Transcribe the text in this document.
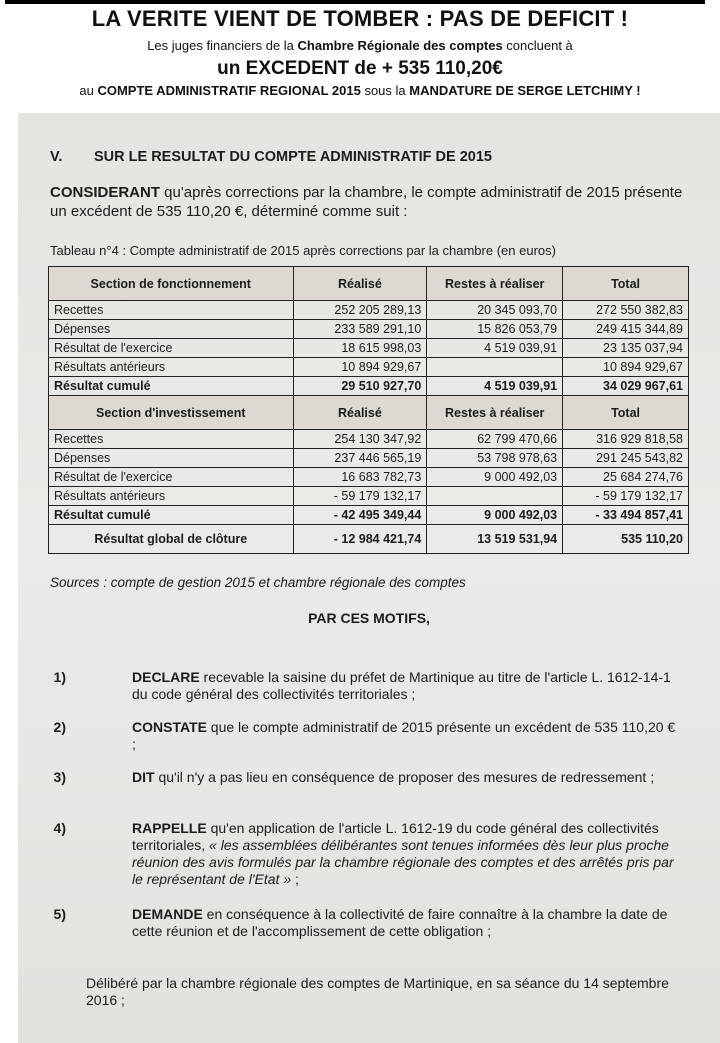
LA VERITE VIENT DE TOMBER : PAS DE DEFICIT !
Les juges financiers de la Chambre Régionale des comptes concluent à
un EXCEDENT de + 535 110,20€
au COMPTE ADMINISTRATIF REGIONAL 2015 sous la MANDATURE DE SERGE LETCHIMY !
V. SUR LE RESULTAT DU COMPTE ADMINISTRATIF DE 2015
CONSIDERANT qu'après corrections par la chambre, le compte administratif de 2015 présente un excédent de 535 110,20 €, déterminé comme suit :
Tableau n°4 : Compte administratif de 2015 après corrections par la chambre (en euros)
Section de fonctionnement	Réalisé	Restes à réaliser	Total
Recettes	252 205 289,13	20 345 093,70	272 550 382,83
Dépenses	233 589 291,10	15 826 053,79	249 415 344,89
Résultat de l'exercice	18 615 998,03	4 519 039,91	23 135 037,94
Résultats antérieurs	10 894 929,67		10 894 929,67
Résultat cumulé	29 510 927,70	4 519 039,91	34 029 967,61
Section d'investissement	Réalisé	Restes à réaliser	Total
Recettes	254 130 347,92	62 799 470,66	316 929 818,58
Dépenses	237 446 565,19	53 798 978,63	291 245 543,82
Résultat de l'exercice	16 683 782,73	9 000 492,03	25 684 274,76
Résultats antérieurs	- 59 179 132,17		- 59 179 132,17
Résultat cumulé	- 42 495 349,44	9 000 492,03	- 33 494 857,41
Résultat global de clôture	- 12 984 421,74	13 519 531,94	535 110,20
Sources : compte de gestion 2015 et chambre régionale des comptes
PAR CES MOTIFS,
1)	DECLARE recevable la saisine du préfet de Martinique au titre de l'article L. 1612-14-1 du code général des collectivités territoriales ;
2)	CONSTATE que le compte administratif de 2015 présente un excédent de 535 110,20 € ;
3)	DIT qu'il n'y a pas lieu en conséquence de proposer des mesures de redressement ;
4)	RAPPELLE qu'en application de l'article L. 1612-19 du code général des collectivités territoriales, « les assemblées délibérantes sont tenues informées dès leur plus proche réunion des avis formulés par la chambre régionale des comptes et des arrêtés pris par le représentant de l'Etat » ;
5)	DEMANDE en conséquence à la collectivité de faire connaître à la chambre la date de cette réunion et de l'accomplissement de cette obligation ;
Délibéré par la chambre régionale des comptes de Martinique, en sa séance du 14 septembre 2016 ;
